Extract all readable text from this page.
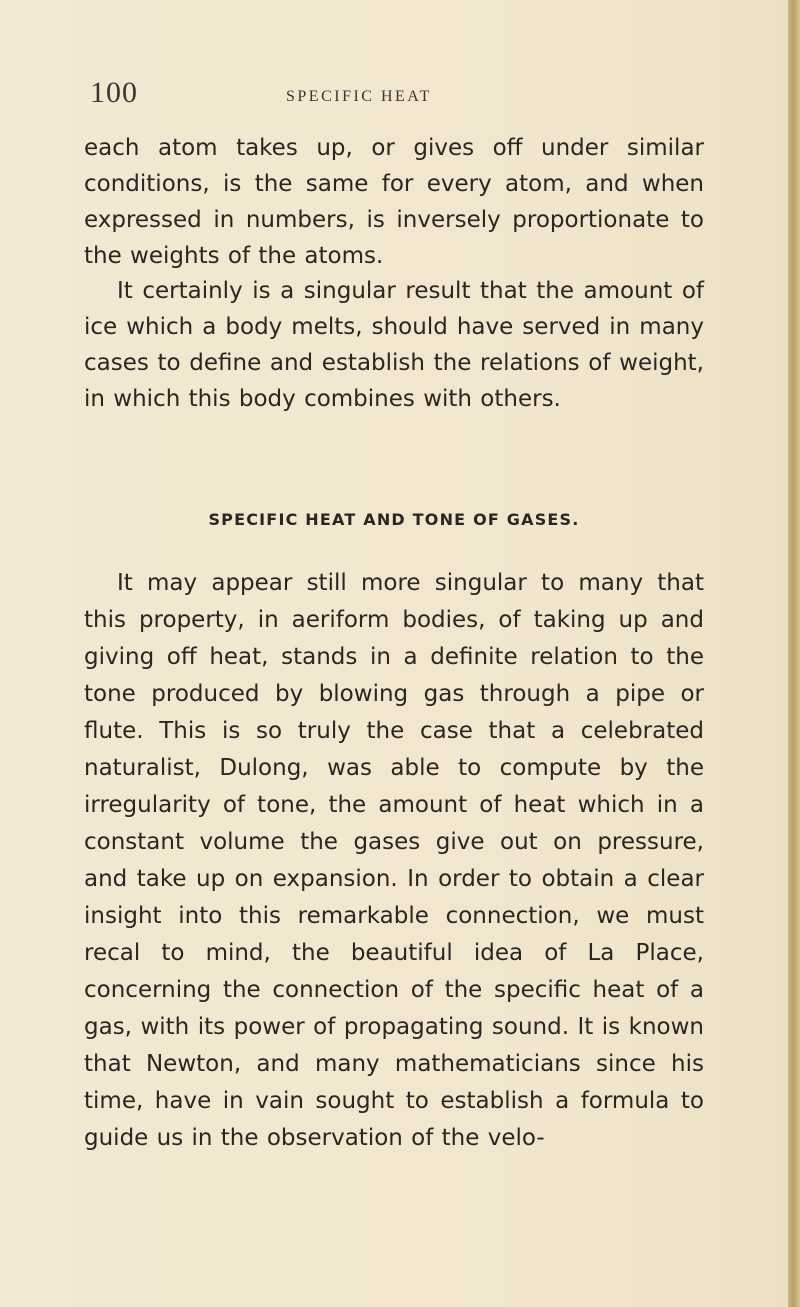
100	SPECIFIC HEAT

each atom takes up, or gives off under similar conditions, is the same for every atom, and when expressed in numbers, is inversely proportionate to the weights of the atoms.

It certainly is a singular result that the amount of ice which a body melts, should have served in many cases to define and establish the relations of weight, in which this body combines with others.

SPECIFIC HEAT AND TONE OF GASES.

It may appear still more singular to many that this property, in aeriform bodies, of taking up and giving off heat, stands in a definite relation to the tone produced by blowing gas through a pipe or flute. This is so truly the case that a celebrated naturalist, Dulong, was able to compute by the irregularity of tone, the amount of heat which in a constant volume the gases give out on pressure, and take up on expansion. In order to obtain a clear insight into this remarkable connection, we must recal to mind, the beautiful idea of La Place, concerning the connection of the specific heat of a gas, with its power of propagating sound. It is known that Newton, and many mathematicians since his time, have in vain sought to establish a formula to guide us in the observation of the velo-
